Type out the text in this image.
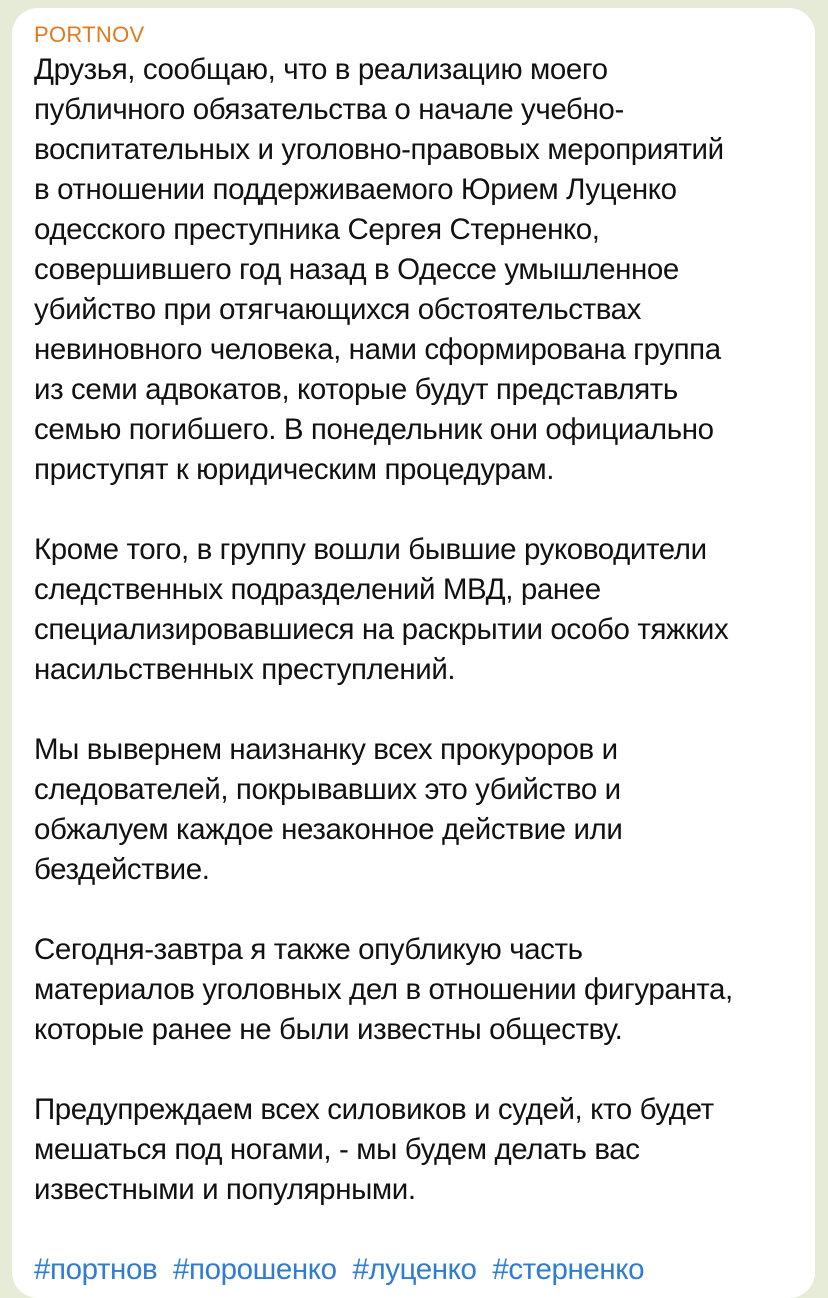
PORTNOV

Друзья, сообщаю, что в реализацию моего
публичного обязательства о начале учебно-
воспитательных и уголовно-правовых мероприятий
в отношении поддерживаемого Юрием Луценко
одесского преступника Сергея Стерненко,
совершившего год назад в Одессе умышленное
убийство при отягчающихся обстоятельствах
невиновного человека, нами сформирована группа
из семи адвокатов, которые будут представлять
семью погибшего. В понедельник они официально
приступят к юридическим процедурам.

Кроме того, в группу вошли бывшие руководители
следственных подразделений МВД, ранее
специализировавшиеся на раскрытии особо тяжких
насильственных преступлений.

Мы вывернем наизнанку всех прокуроров и
следователей, покрывавших это убийство и
обжалуем каждое незаконное действие или
бездействие.

Сегодня-завтра я также опубликую часть
материалов уголовных дел в отношении фигуранта,
которые ранее не были известны обществу.

Предупреждаем всех силовиков и судей, кто будет
мешаться под ногами, - мы будем делать вас
известными и популярными.

#портнов #порошенко #луценко #стерненко
